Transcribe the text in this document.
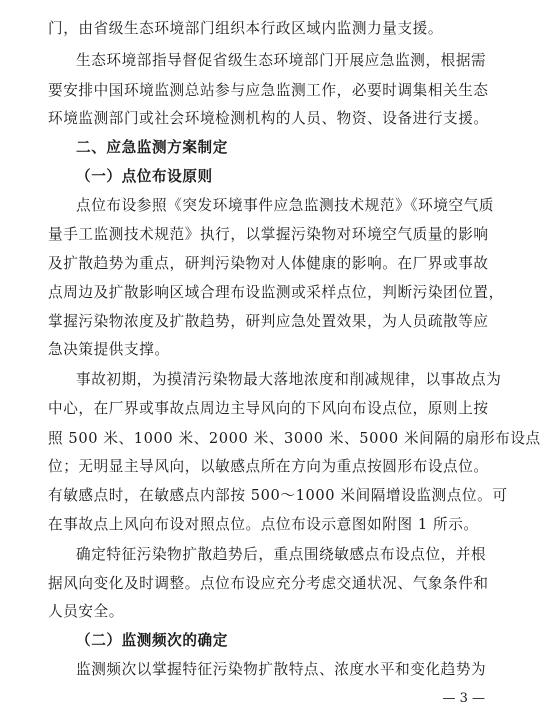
门，由省级生态环境部门组织本行政区域内监测力量支援。
生态环境部指导督促省级生态环境部门开展应急监测，根据需
要安排中国环境监测总站参与应急监测工作，必要时调集相关生态
环境监测部门或社会环境检测机构的人员、物资、设备进行支援。
二、应急监测方案制定
（一）点位布设原则
点位布设参照《突发环境事件应急监测技术规范》《环境空气质
量手工监测技术规范》执行，以掌握污染物对环境空气质量的影响
及扩散趋势为重点，研判污染物对人体健康的影响。在厂界或事故
点周边及扩散影响区域合理布设监测或采样点位，判断污染团位置，
掌握污染物浓度及扩散趋势，研判应急处置效果，为人员疏散等应
急决策提供支撑。
事故初期，为摸清污染物最大落地浓度和削减规律，以事故点为
中心，在厂界或事故点周边主导风向的下风向布设点位，原则上按
照 500 米、1000 米、2000 米、3000 米、5000 米间隔的扇形布设点
位；无明显主导风向，以敏感点所在方向为重点按圆形布设点位。
有敏感点时，在敏感点内部按 500～1000 米间隔增设监测点位。可
在事故点上风向布设对照点位。点位布设示意图如附图 1 所示。
确定特征污染物扩散趋势后，重点围绕敏感点布设点位，并根
据风向变化及时调整。点位布设应充分考虑交通状况、气象条件和
人员安全。
（二）监测频次的确定
监测频次以掌握特征污染物扩散特点、浓度水平和变化趋势为
— 3 —
